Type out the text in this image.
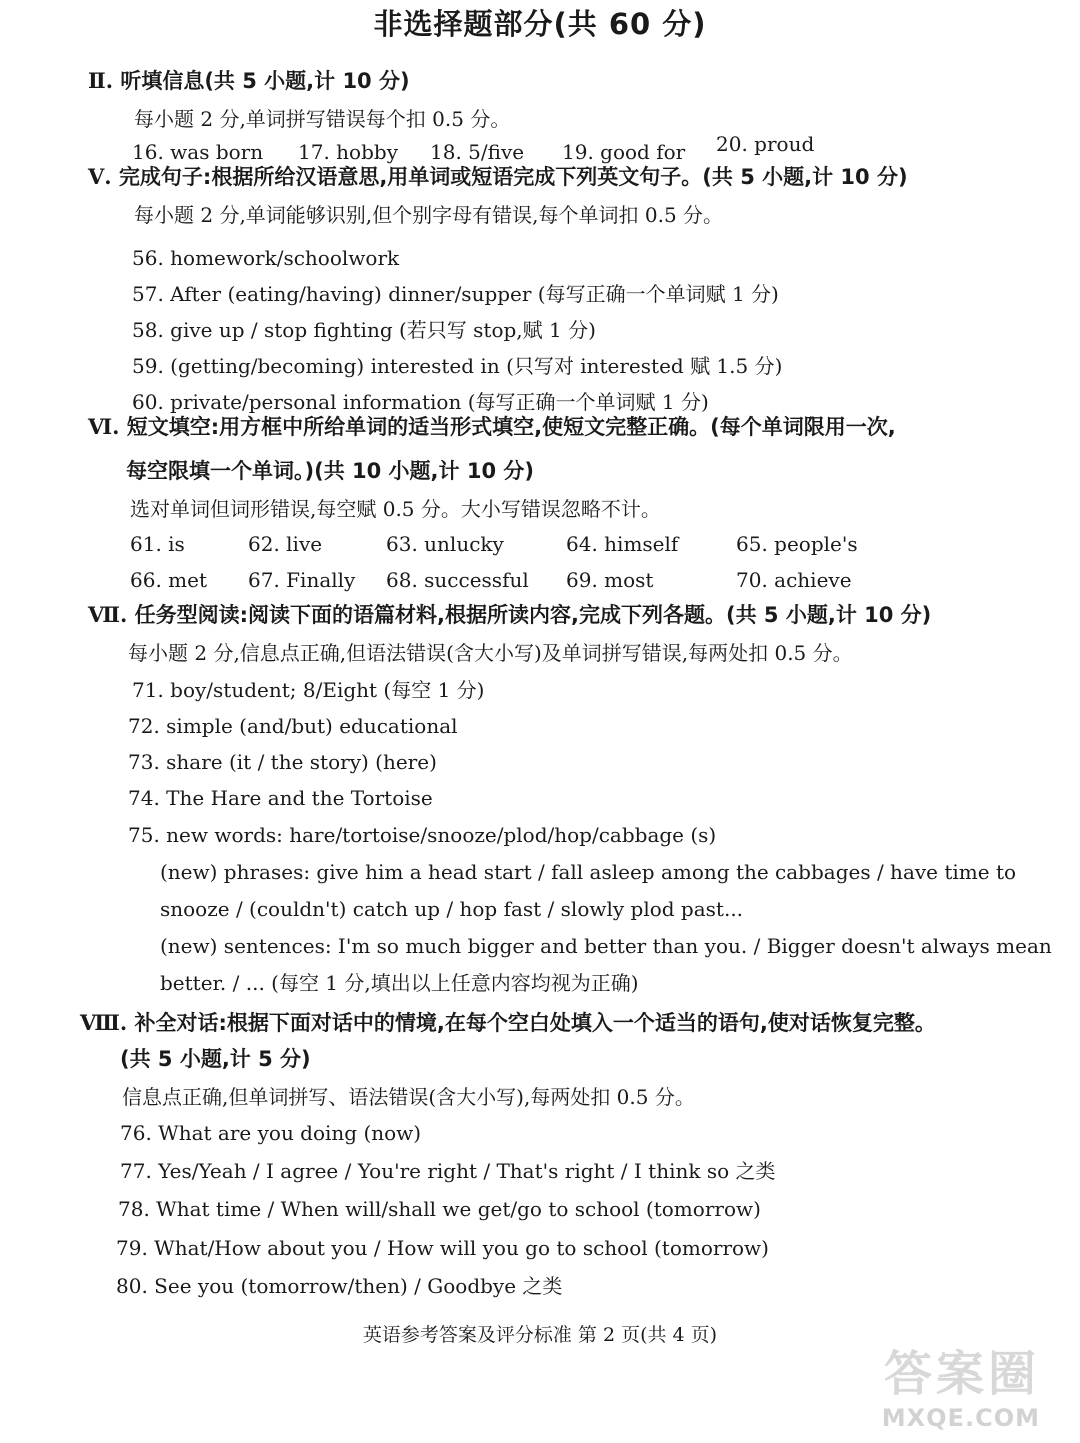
非选择题部分(共 60 分)
Ⅱ. 听填信息(共 5 小题,计 10 分)
每小题 2 分,单词拼写错误每个扣 0.5 分。
16. was born 17. hobby 18. 5/five 19. good for 20. proud
Ⅴ. 完成句子:根据所给汉语意思,用单词或短语完成下列英文句子。(共 5 小题,计 10 分)
每小题 2 分,单词能够识别,但个别字母有错误,每个单词扣 0.5 分。
56. homework/schoolwork
57. After (eating/having) dinner/supper (每写正确一个单词赋 1 分)
58. give up / stop fighting (若只写 stop,赋 1 分)
59. (getting/becoming) interested in (只写对 interested 赋 1.5 分)
60. private/personal information (每写正确一个单词赋 1 分)
Ⅵ. 短文填空:用方框中所给单词的适当形式填空,使短文完整正确。(每个单词限用一次,
每空限填一个单词。)(共 10 小题,计 10 分)
选对单词但词形错误,每空赋 0.5 分。大小写错误忽略不计。
61. is	62. live	63. unlucky	64. himself	65. people's
66. met 67. Finally 68. successful 69. most	70. achieve
Ⅶ. 任务型阅读:阅读下面的语篇材料,根据所读内容,完成下列各题。(共 5 小题,计 10 分)
每小题 2 分,信息点正确,但语法错误(含大小写)及单词拼写错误,每两处扣 0.5 分。
71. boy/student; 8/Eight (每空 1 分)
72. simple (and/but) educational
73. share (it / the story) (here)
74. The Hare and the Tortoise
75. new words: hare/tortoise/snooze/plod/hop/cabbage (s)
(new) phrases: give him a head start / fall asleep among the cabbages / have time to
snooze / (couldn't) catch up / hop fast / slowly plod past...
(new) sentences: I'm so much bigger and better than you. / Bigger doesn't always mean
better. / ... (每空 1 分,填出以上任意内容均视为正确)
Ⅷ. 补全对话:根据下面对话中的情境,在每个空白处填入一个适当的语句,使对话恢复完整。
(共 5 小题,计 5 分)
信息点正确,但单词拼写、语法错误(含大小写),每两处扣 0.5 分。
76. What are you doing (now)
77. Yes/Yeah / I agree / You're right / That's right / I think so 之类
78. What time / When will/shall we get/go to school (tomorrow)
79. What/How about you / How will you go to school (tomorrow)
80. See you (tomorrow/then) / Goodbye 之类
英语参考答案及评分标准 第 2 页(共 4 页)
答案圈
MXQE.COM
